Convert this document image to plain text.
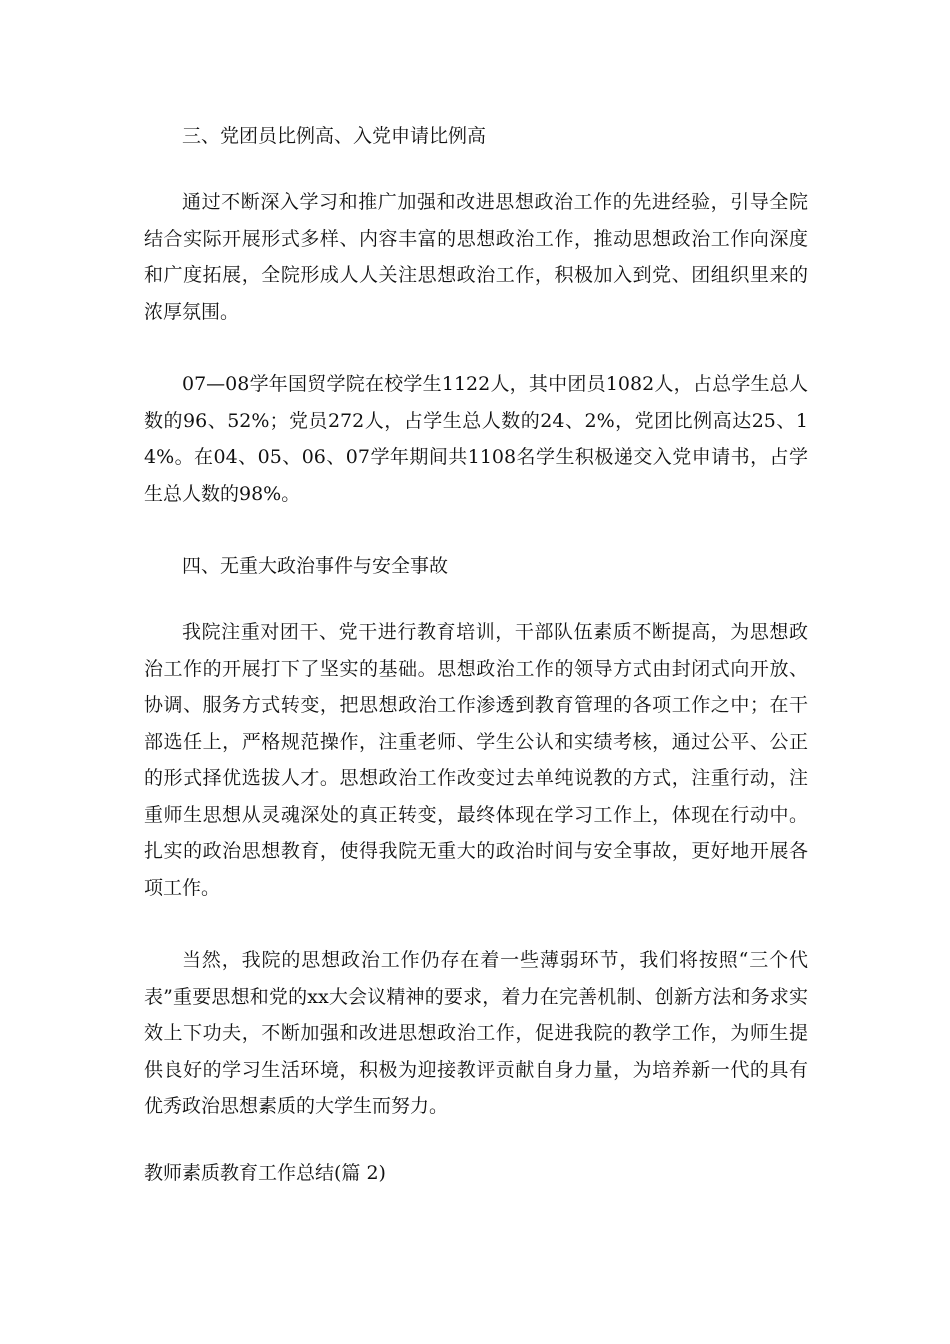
三、党团员比例高、入党申请比例高

通过不断深入学习和推广加强和改进思想政治工作的先进经验，引导全院结合实际开展形式多样、内容丰富的思想政治工作，推动思想政治工作向深度和广度拓展，全院形成人人关注思想政治工作，积极加入到党、团组织里来的浓厚氛围。

07—08学年国贸学院在校学生1122人，其中团员1082人，占总学生总人数的96、52%；党员272人，占学生总人数的24、2%，党团比例高达25、14%。在04、05、06、07学年期间共1108名学生积极递交入党申请书，占学生总人数的98%。

四、无重大政治事件与安全事故

我院注重对团干、党干进行教育培训，干部队伍素质不断提高，为思想政治工作的开展打下了坚实的基础。思想政治工作的领导方式由封闭式向开放、协调、服务方式转变，把思想政治工作渗透到教育管理的各项工作之中；在干部选任上，严格规范操作，注重老师、学生公认和实绩考核，通过公平、公正的形式择优选拔人才。思想政治工作改变过去单纯说教的方式，注重行动，注重师生思想从灵魂深处的真正转变，最终体现在学习工作上，体现在行动中。扎实的政治思想教育，使得我院无重大的政治时间与安全事故，更好地开展各项工作。

当然，我院的思想政治工作仍存在着一些薄弱环节，我们将按照“三个代表”重要思想和党的xx大会议精神的要求，着力在完善机制、创新方法和务求实效上下功夫，不断加强和改进思想政治工作，促进我院的教学工作，为师生提供良好的学习生活环境，积极为迎接教评贡献自身力量，为培养新一代的具有优秀政治思想素质的大学生而努力。

教师素质教育工作总结(篇 2)
